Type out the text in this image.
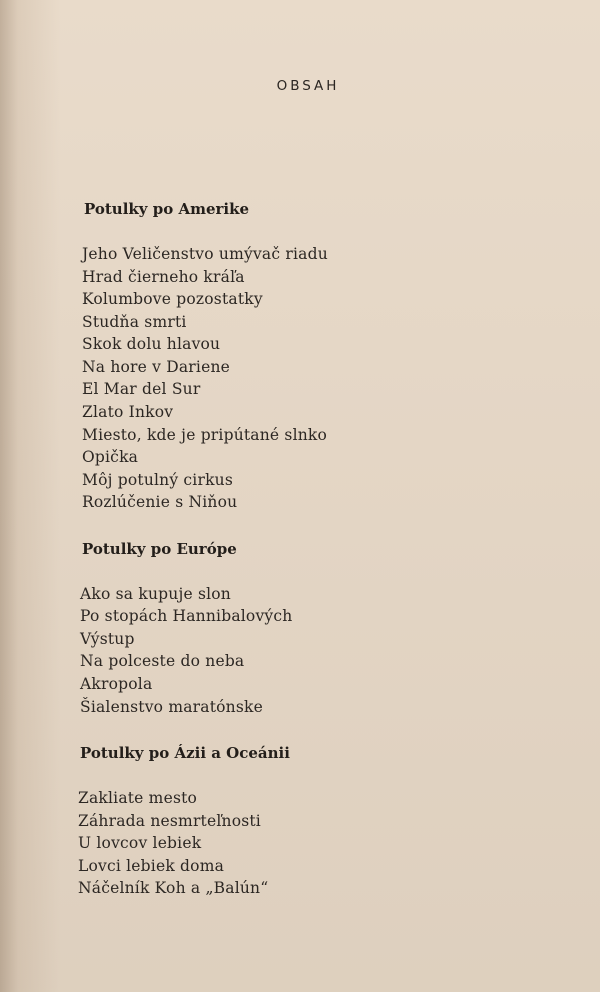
OBSAH
Potulky po Amerike
Jeho Veličenstvo umývač riadu
Hrad čierneho kráľa
Kolumbove pozostatky
Studňa smrti
Skok dolu hlavou
Na hore v Dariene
El Mar del Sur
Zlato Inkov
Miesto, kde je pripútané slnko
Opička
Môj potulný cirkus
Rozlúčenie s Niňou
Potulky po Európe
Ako sa kupuje slon
Po stopách Hannibalových
Výstup
Na polceste do neba
Akropola
Šialenstvo maratónske
Potulky po Ázii a Oceánii
Zakliate mesto
Záhrada nesmrteľnosti
U lovcov lebiek
Lovci lebiek doma
Náčelník Koh a „Balún“
